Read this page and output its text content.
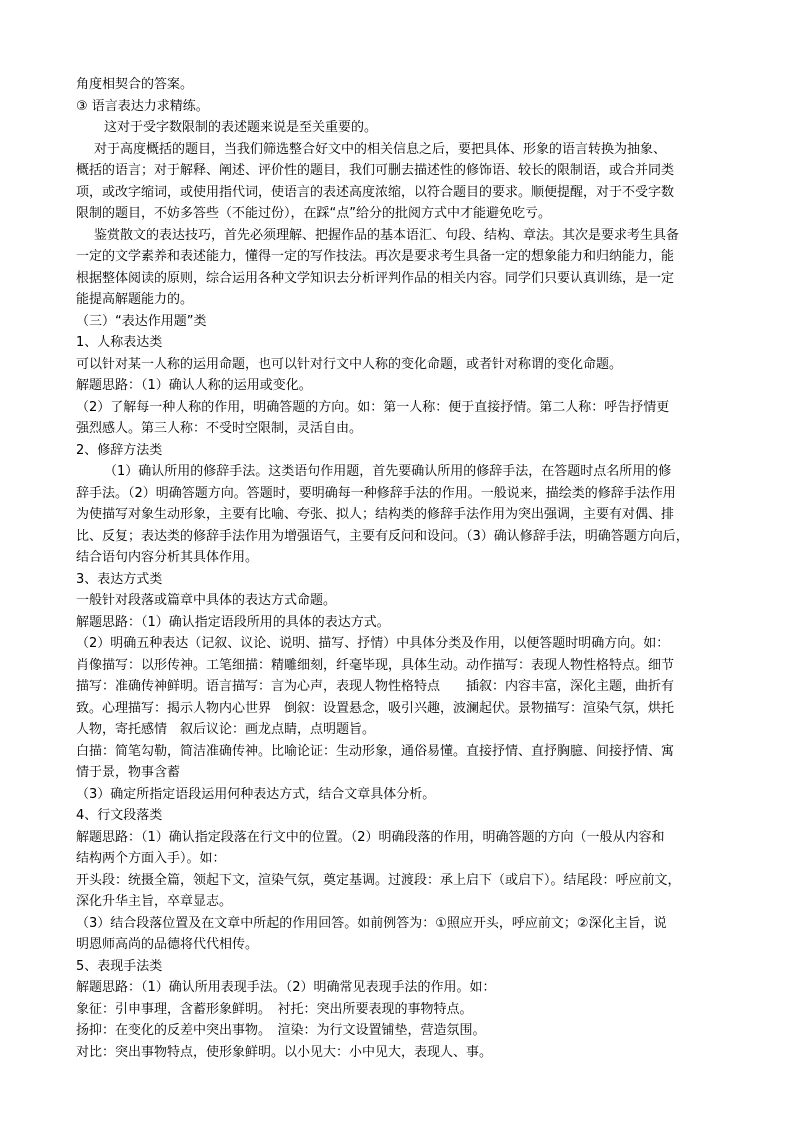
角度相契合的答案。
③ 语言表达力求精练。
这对于受字数限制的表述题来说是至关重要的。
对于高度概括的题目，当我们筛选整合好文中的相关信息之后，要把具体、形象的语言转换为抽象、
概括的语言；对于解释、阐述、评价性的题目，我们可删去描述性的修饰语、较长的限制语，或合并同类
项，或改字缩词，或使用指代词，使语言的表述高度浓缩，以符合题目的要求。顺便提醒，对于不受字数
限制的题目，不妨多答些（不能过份），在踩“点”给分的批阅方式中才能避免吃亏。
鉴赏散文的表达技巧，首先必须理解、把握作品的基本语汇、句段、结构、章法。其次是要求考生具备
一定的文学素养和表述能力，懂得一定的写作技法。再次是要求考生具备一定的想象能力和归纳能力，能
根据整体阅读的原则，综合运用各种文学知识去分析评判作品的相关内容。同学们只要认真训练，是一定
能提高解题能力的。
（三）“表达作用题”类
1、人称表达类
可以针对某一人称的运用命题，也可以针对行文中人称的变化命题，或者针对称谓的变化命题。
解题思路：（1）确认人称的运用或变化。
（2）了解每一种人称的作用，明确答题的方向。如：第一人称：便于直接抒情。第二人称：呼告抒情更
强烈感人。第三人称：不受时空限制，灵活自由。
2、修辞方法类
（1）确认所用的修辞手法。这类语句作用题，首先要确认所用的修辞手法，在答题时点名所用的修
辞手法。（2）明确答题方向。答题时，要明确每一种修辞手法的作用。一般说来，描绘类的修辞手法作用
为使描写对象生动形象，主要有比喻、夸张、拟人；结构类的修辞手法作用为突出强调，主要有对偶、排
比、反复；表达类的修辞手法作用为增强语气，主要有反问和设问。（3）确认修辞手法，明确答题方向后，
结合语句内容分析其具体作用。
3、表达方式类
一般针对段落或篇章中具体的表达方式命题。
解题思路：（1）确认指定语段所用的具体的表达方式。
（2）明确五种表达（记叙、议论、说明、描写、抒情）中具体分类及作用，以便答题时明确方向。如：
肖像描写：以形传神。工笔细描：精雕细刻，纤毫毕现，具体生动。动作描写：表现人物性格特点。细节
描写：准确传神鲜明。语言描写：言为心声，表现人物性格特点　　插叙：内容丰富，深化主题，曲折有
致。心理描写：揭示人物内心世界　倒叙：设置悬念，吸引兴趣，波澜起伏。景物描写：渲染气氛，烘托
人物，寄托感情　叙后议论：画龙点睛，点明题旨。
白描：简笔勾勒，简洁准确传神。比喻论证：生动形象，通俗易懂。直接抒情、直抒胸臆、间接抒情、寓
情于景，物事含蓄
（3）确定所指定语段运用何种表达方式，结合文章具体分析。
4、行文段落类
解题思路：（1）确认指定段落在行文中的位置。（2）明确段落的作用，明确答题的方向（一般从内容和
结构两个方面入手）。如：
开头段：统摄全篇，领起下文，渲染气氛，奠定基调。过渡段：承上启下（或启下）。结尾段：呼应前文，
深化升华主旨，卒章显志。
（3）结合段落位置及在文章中所起的作用回答。如前例答为：①照应开头，呼应前文；②深化主旨，说
明恩师高尚的品德将代代相传。
5、表现手法类
解题思路：（1）确认所用表现手法。（2）明确常见表现手法的作用。如：
象征：引申事理，含蓄形象鲜明。　衬托：突出所要表现的事物特点。
扬抑：在变化的反差中突出事物。　渲染：为行文设置铺垫，营造氛围。
对比：突出事物特点，使形象鲜明。以小见大：小中见大，表现人、事。
